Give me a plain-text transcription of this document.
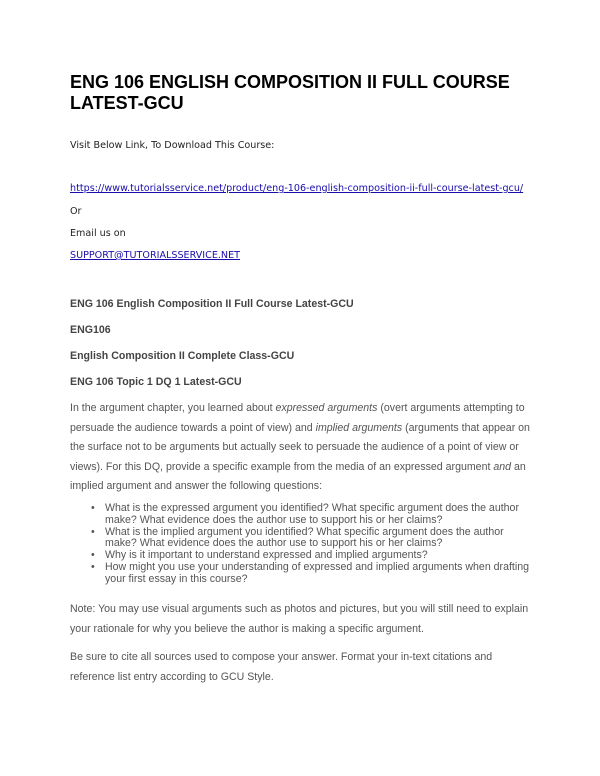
ENG 106 ENGLISH COMPOSITION II FULL COURSE LATEST-GCU
Visit Below Link, To Download This Course:
https://www.tutorialsservice.net/product/eng-106-english-composition-ii-full-course-latest-gcu/
Or
Email us on
SUPPORT@TUTORIALSSERVICE.NET
ENG 106 English Composition II Full Course Latest-GCU
ENG106
English Composition II Complete Class-GCU
ENG 106 Topic 1 DQ 1 Latest-GCU

In the argument chapter, you learned about expressed arguments (overt arguments attempting to persuade the audience towards a point of view) and implied arguments (arguments that appear on the surface not to be arguments but actually seek to persuade the audience of a point of view or views). For this DQ, provide a specific example from the media of an expressed argument and an implied argument and answer the following questions:

• What is the expressed argument you identified? What specific argument does the author make? What evidence does the author use to support his or her claims?
• What is the implied argument you identified? What specific argument does the author make? What evidence does the author use to support his or her claims?
• Why is it important to understand expressed and implied arguments?
• How might you use your understanding of expressed and implied arguments when drafting your first essay in this course?

Note: You may use visual arguments such as photos and pictures, but you will still need to explain your rationale for why you believe the author is making a specific argument.

Be sure to cite all sources used to compose your answer. Format your in-text citations and reference list entry according to GCU Style.
